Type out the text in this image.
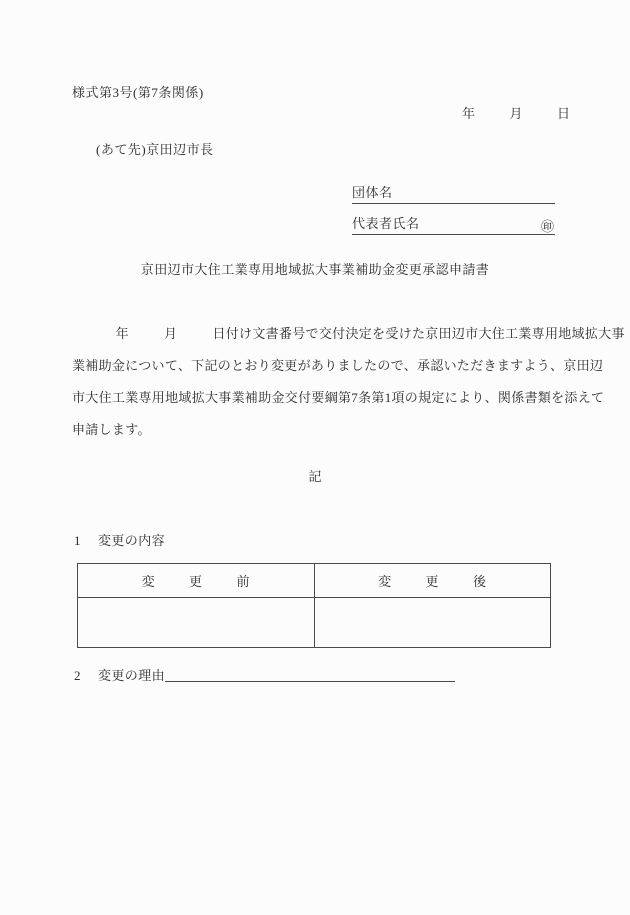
様式第3号(第7条関係)
年	月	日
(あて先)京田辺市長
団体名
代表者氏名	㊞
京田辺市大住工業専用地域拡大事業補助金変更承認申請書
年	月	日付け文書番号で交付決定を受けた京田辺市大住工業専用地域拡大事
業補助金について、下記のとおり変更がありましたので、承認いただきますよう、京田辺
市大住工業専用地域拡大事業補助金交付要綱第7条第1項の規定により、関係書類を添えて
申請します。
記
1 変更の内容
変 更 前	変 更 後

2 変更の理由
